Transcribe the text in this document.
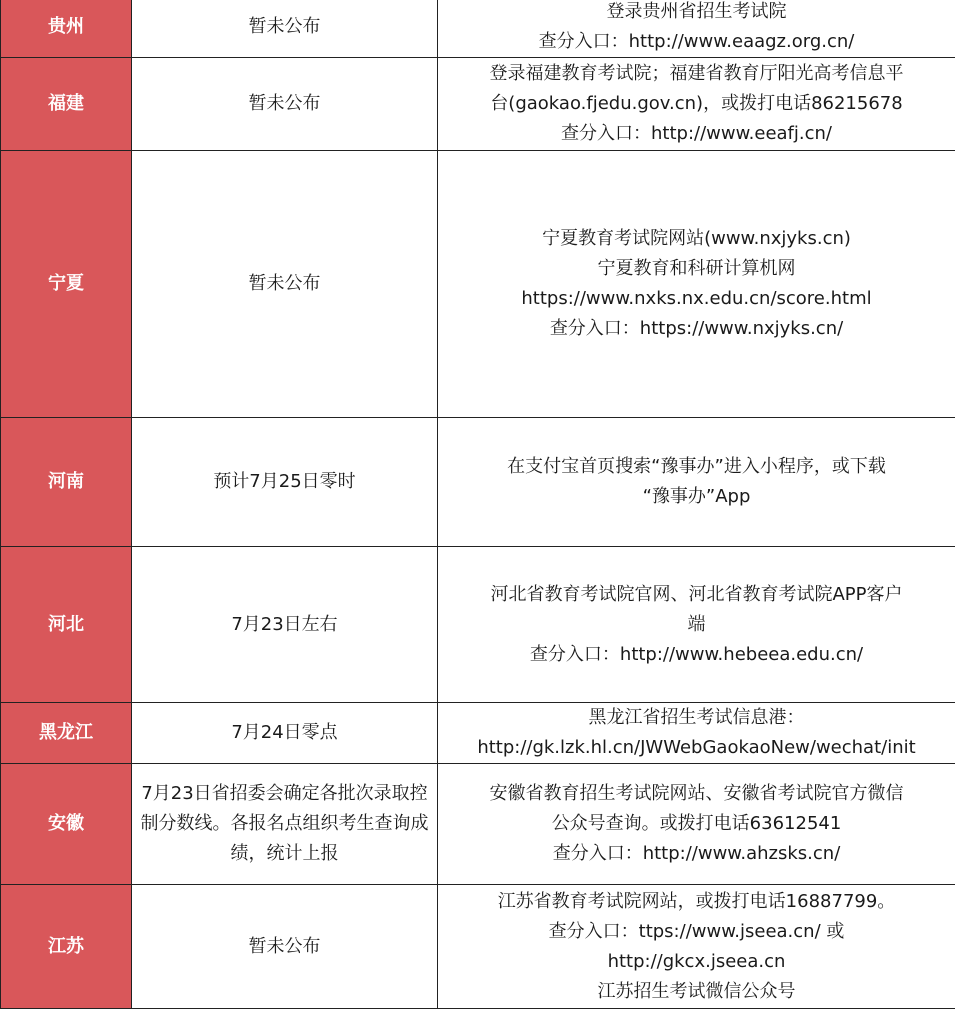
贵州	暂未公布	登录贵州省招生考试院
查分入口：http://www.eaagz.org.cn/

福建	暂未公布	登录福建教育考试院；福建省教育厅阳光高考信息平
台(gaokao.fjedu.gov.cn)，或拨打电话86215678
查分入口：http://www.eeafj.cn/

宁夏	暂未公布	宁夏教育考试院网站(www.nxjyks.cn)
宁夏教育和科研计算机网
https://www.nxks.nx.edu.cn/score.html
查分入口：https://www.nxjyks.cn/

河南	预计7月25日零时	在支付宝首页搜索“豫事办”进入小程序，或下载
“豫事办”App

河北	7月23日左右	河北省教育考试院官网、河北省教育考试院APP客户
端
查分入口：http://www.hebeea.edu.cn/

黑龙江	7月24日零点	黑龙江省招生考试信息港：
http://gk.lzk.hl.cn/JWWebGaokaoNew/wechat/init

安徽	7月23日省招委会确定各批次录取控制分数线。各报名点组织考生查询成绩，统计上报	安徽省教育招生考试院网站、安徽省考试院官方微信
公众号查询。或拨打电话63612541
查分入口：http://www.ahzsks.cn/

江苏	暂未公布	江苏省教育考试院网站，或拨打电话16887799。
查分入口：ttps://www.jseea.cn/ 或
http://gkcx.jseea.cn
江苏招生考试微信公众号
